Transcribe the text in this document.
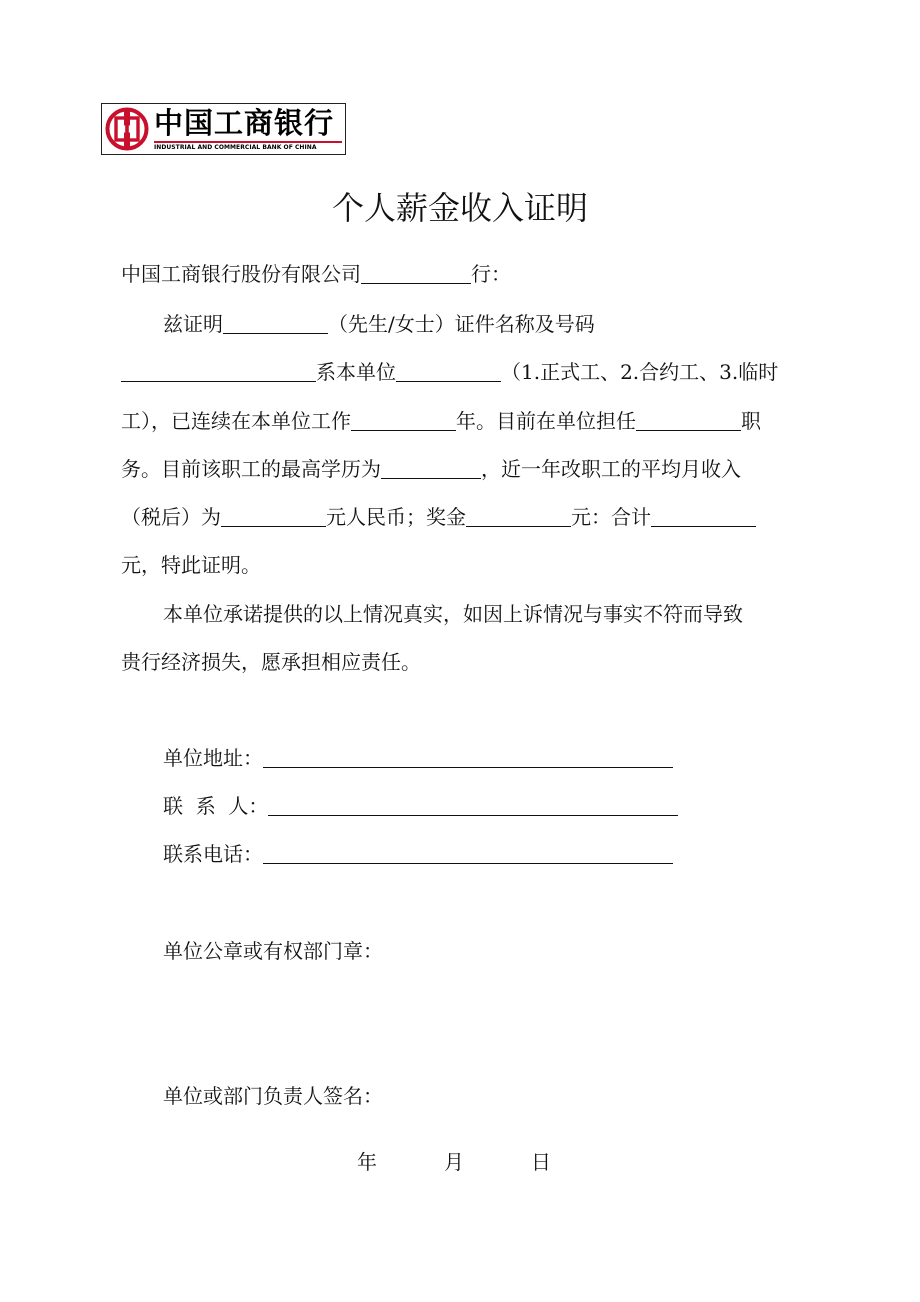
中国工商银行
INDUSTRIAL AND COMMERCIAL BANK OF CHINA
个人薪金收入证明
中国工商银行股份有限公司	行：
兹证明	（先生/女士）证件名称及号码
系本单位	（1.正式工、2.合约工、3.临时
工），已连续在本单位工作	年。目前在单位担任	职
务。目前该职工的最高学历为	，近一年改职工的平均月收入
（税后）为	元人民币；奖金	元：合计
元，特此证明。
本单位承诺提供的以上情况真实，如因上诉情况与事实不符而导致
贵行经济损失，愿承担相应责任。
单位地址：
联  系  人：
联系电话：
单位公章或有权部门章：
单位或部门负责人签名：
年	月	日
